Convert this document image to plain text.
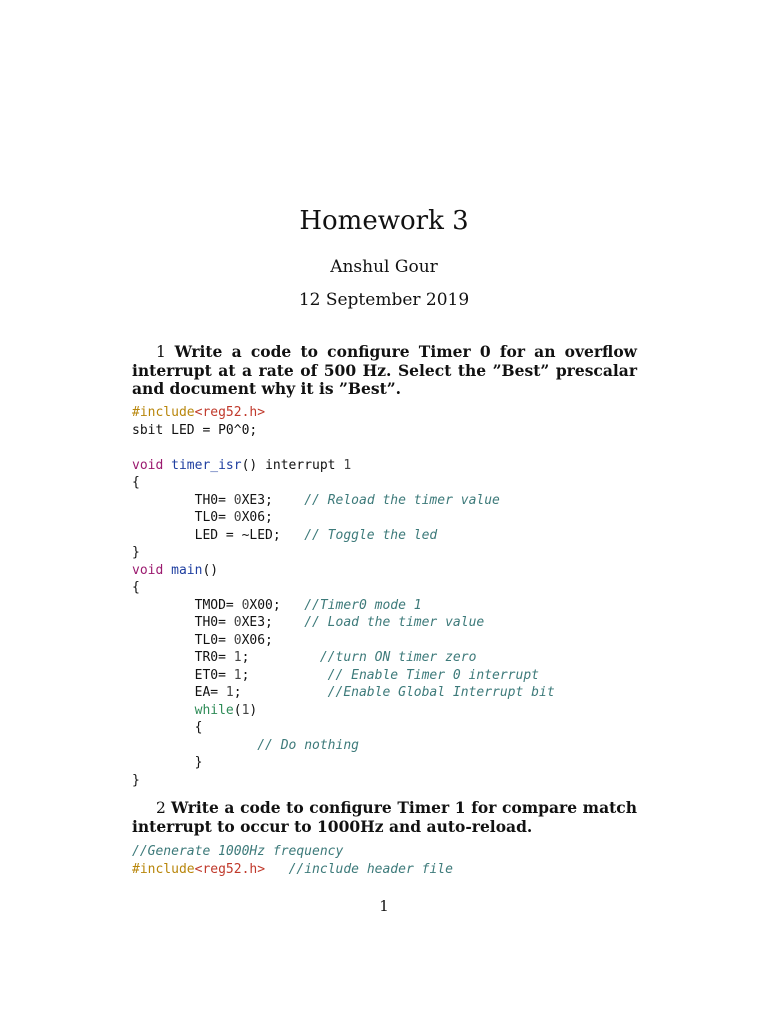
Homework 3
Anshul Gour
12 September 2019
1 Write a code to configure Timer 0 for an overflow interrupt at a rate of 500 Hz. Select the ”Best” prescalar and document why it is ”Best”.
#include<reg52.h>
sbit LED = P0^0;
void timer_isr() interrupt 1
{
TH0= 0XE3;    // Reload the timer value
TL0= 0X06;
LED = ~LED;   // Toggle the led
}
void main()
{
TMOD= 0X00;   //Timer0 mode 1
TH0= 0XE3;    // Load the timer value
TL0= 0X06;
TR0= 1;         //turn ON timer zero
ET0= 1;          // Enable Timer 0 interrupt
EA= 1;           //Enable Global Interrupt bit
while(1)
{
// Do nothing
}
}
2 Write a code to configure Timer 1 for compare match interrupt to occur to 1000Hz and auto-reload.
//Generate 1000Hz frequency
#include<reg52.h> //include header file
1
